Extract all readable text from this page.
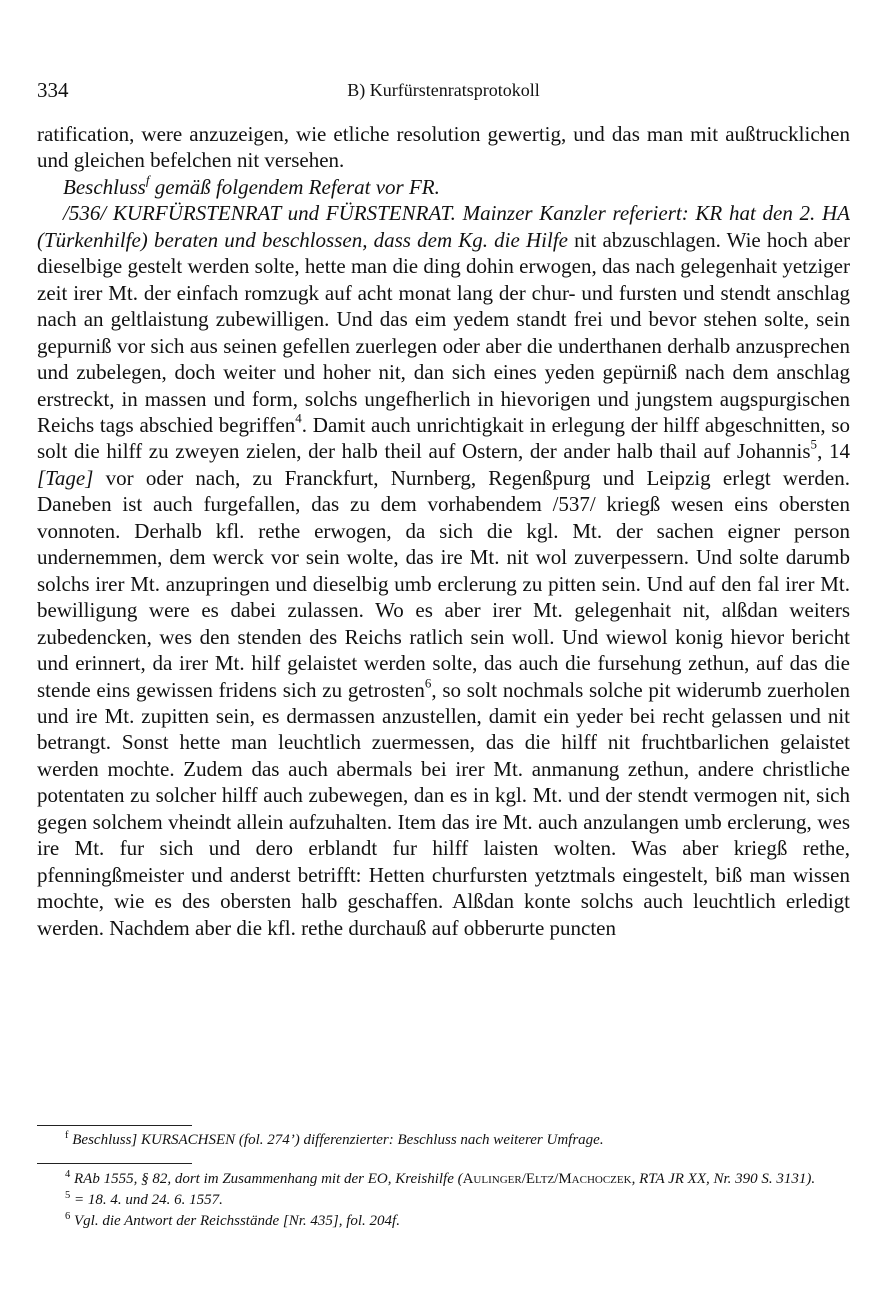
334	B) Kurfürstenratsprotokoll

ratification, were anzuzeigen, wie etliche resolution gewertig, und das man mit außtrucklichen und gleichen befelchen nit versehen.

Beschluss$^f$ gemäß folgendem Referat vor FR.

/536/ KURFÜRSTENRAT und FÜRSTENRAT. Mainzer Kanzler referiert: KR hat den 2. HA (Türkenhilfe) beraten und beschlossen, dass dem Kg. die Hilfe nit abzuschlagen. Wie hoch aber dieselbige gestelt werden solte, hette man die ding dohin erwogen, das nach gelegenhait yetziger zeit irer Mt. der einfach romzugk auf acht monat lang der chur- und fursten und stendt anschlag nach an geltlaistung zubewilligen. Und das eim yedem standt frei und bevor stehen solte, sein gepurniß vor sich aus seinen gefellen zuerlegen oder aber die underthanen derhalb anzusprechen und zubelegen, doch weiter und hoher nit, dan sich eines yeden gepürniß nach dem anschlag erstreckt, in massen und form, solchs ungefherlich in hievorigen und jungstem augspurgischen Reichs tags abschied begriffen$^4$. Damit auch unrichtigkait in erlegung der hilff abgeschnitten, so solt die hilff zu zweyen zielen, der halb theil auf Ostern, der ander halb thail auf Johannis$^5$, 14 [Tage] vor oder nach, zu Franckfurt, Nurnberg, Regenßpurg und Leipzig erlegt werden. Daneben ist auch furgefallen, das zu dem vorhabendem /537/ kriegß wesen eins obersten vonnoten. Derhalb kfl. rethe erwogen, da sich die kgl. Mt. der sachen eigner person undernemmen, dem werck vor sein wolte, das ire Mt. nit wol zuverpessern. Und solte darumb solchs irer Mt. anzupringen und dieselbig umb erclerung zu pitten sein. Und auf den fal irer Mt. bewilligung were es dabei zulassen. Wo es aber irer Mt. gelegenhait nit, alßdan weiters zubedencken, wes den stenden des Reichs ratlich sein woll. Und wiewol konig hievor bericht und erinnert, da irer Mt. hilf gelaistet werden solte, das auch die fursehung zethun, auf das die stende eins gewissen fridens sich zu getrosten$^6$, so solt nochmals solche pit widerumb zuerholen und ire Mt. zupitten sein, es dermassen anzustellen, damit ein yeder bei recht gelassen und nit betrangt. Sonst hette man leuchtlich zuermessen, das die hilff nit fruchtbarlichen gelaistet werden mochte. Zudem das auch abermals bei irer Mt. anmanung zethun, andere christliche potentaten zu solcher hilff auch zubewegen, dan es in kgl. Mt. und der stendt vermogen nit, sich gegen solchem vheindt allein aufzuhalten. Item das ire Mt. auch anzulangen umb erclerung, wes ire Mt. fur sich und dero erblandt fur hilff laisten wolten. Was aber kriegß rethe, pfenningßmeister und anderst betrifft: Hetten churfursten yetztmals eingestelt, biß man wissen mochte, wie es des obersten halb geschaffen. Alßdan konte solchs auch leuchtlich erledigt werden. Nachdem aber die kfl. rethe durchauß auf obberurte puncten

$^f$ Beschluss] KURSACHSEN (fol. 274’) differenzierter: Beschluss nach weiterer Umfrage.

$^4$ RAb 1555, § 82, dort im Zusammenhang mit der EO, Kreishilfe (Aulinger/Eltz/Machoczek, RTA JR XX, Nr. 390 S. 3131).

$^5$ = 18. 4. und 24. 6. 1557.

$^6$ Vgl. die Antwort der Reichsstände [Nr. 435], fol. 204f.
